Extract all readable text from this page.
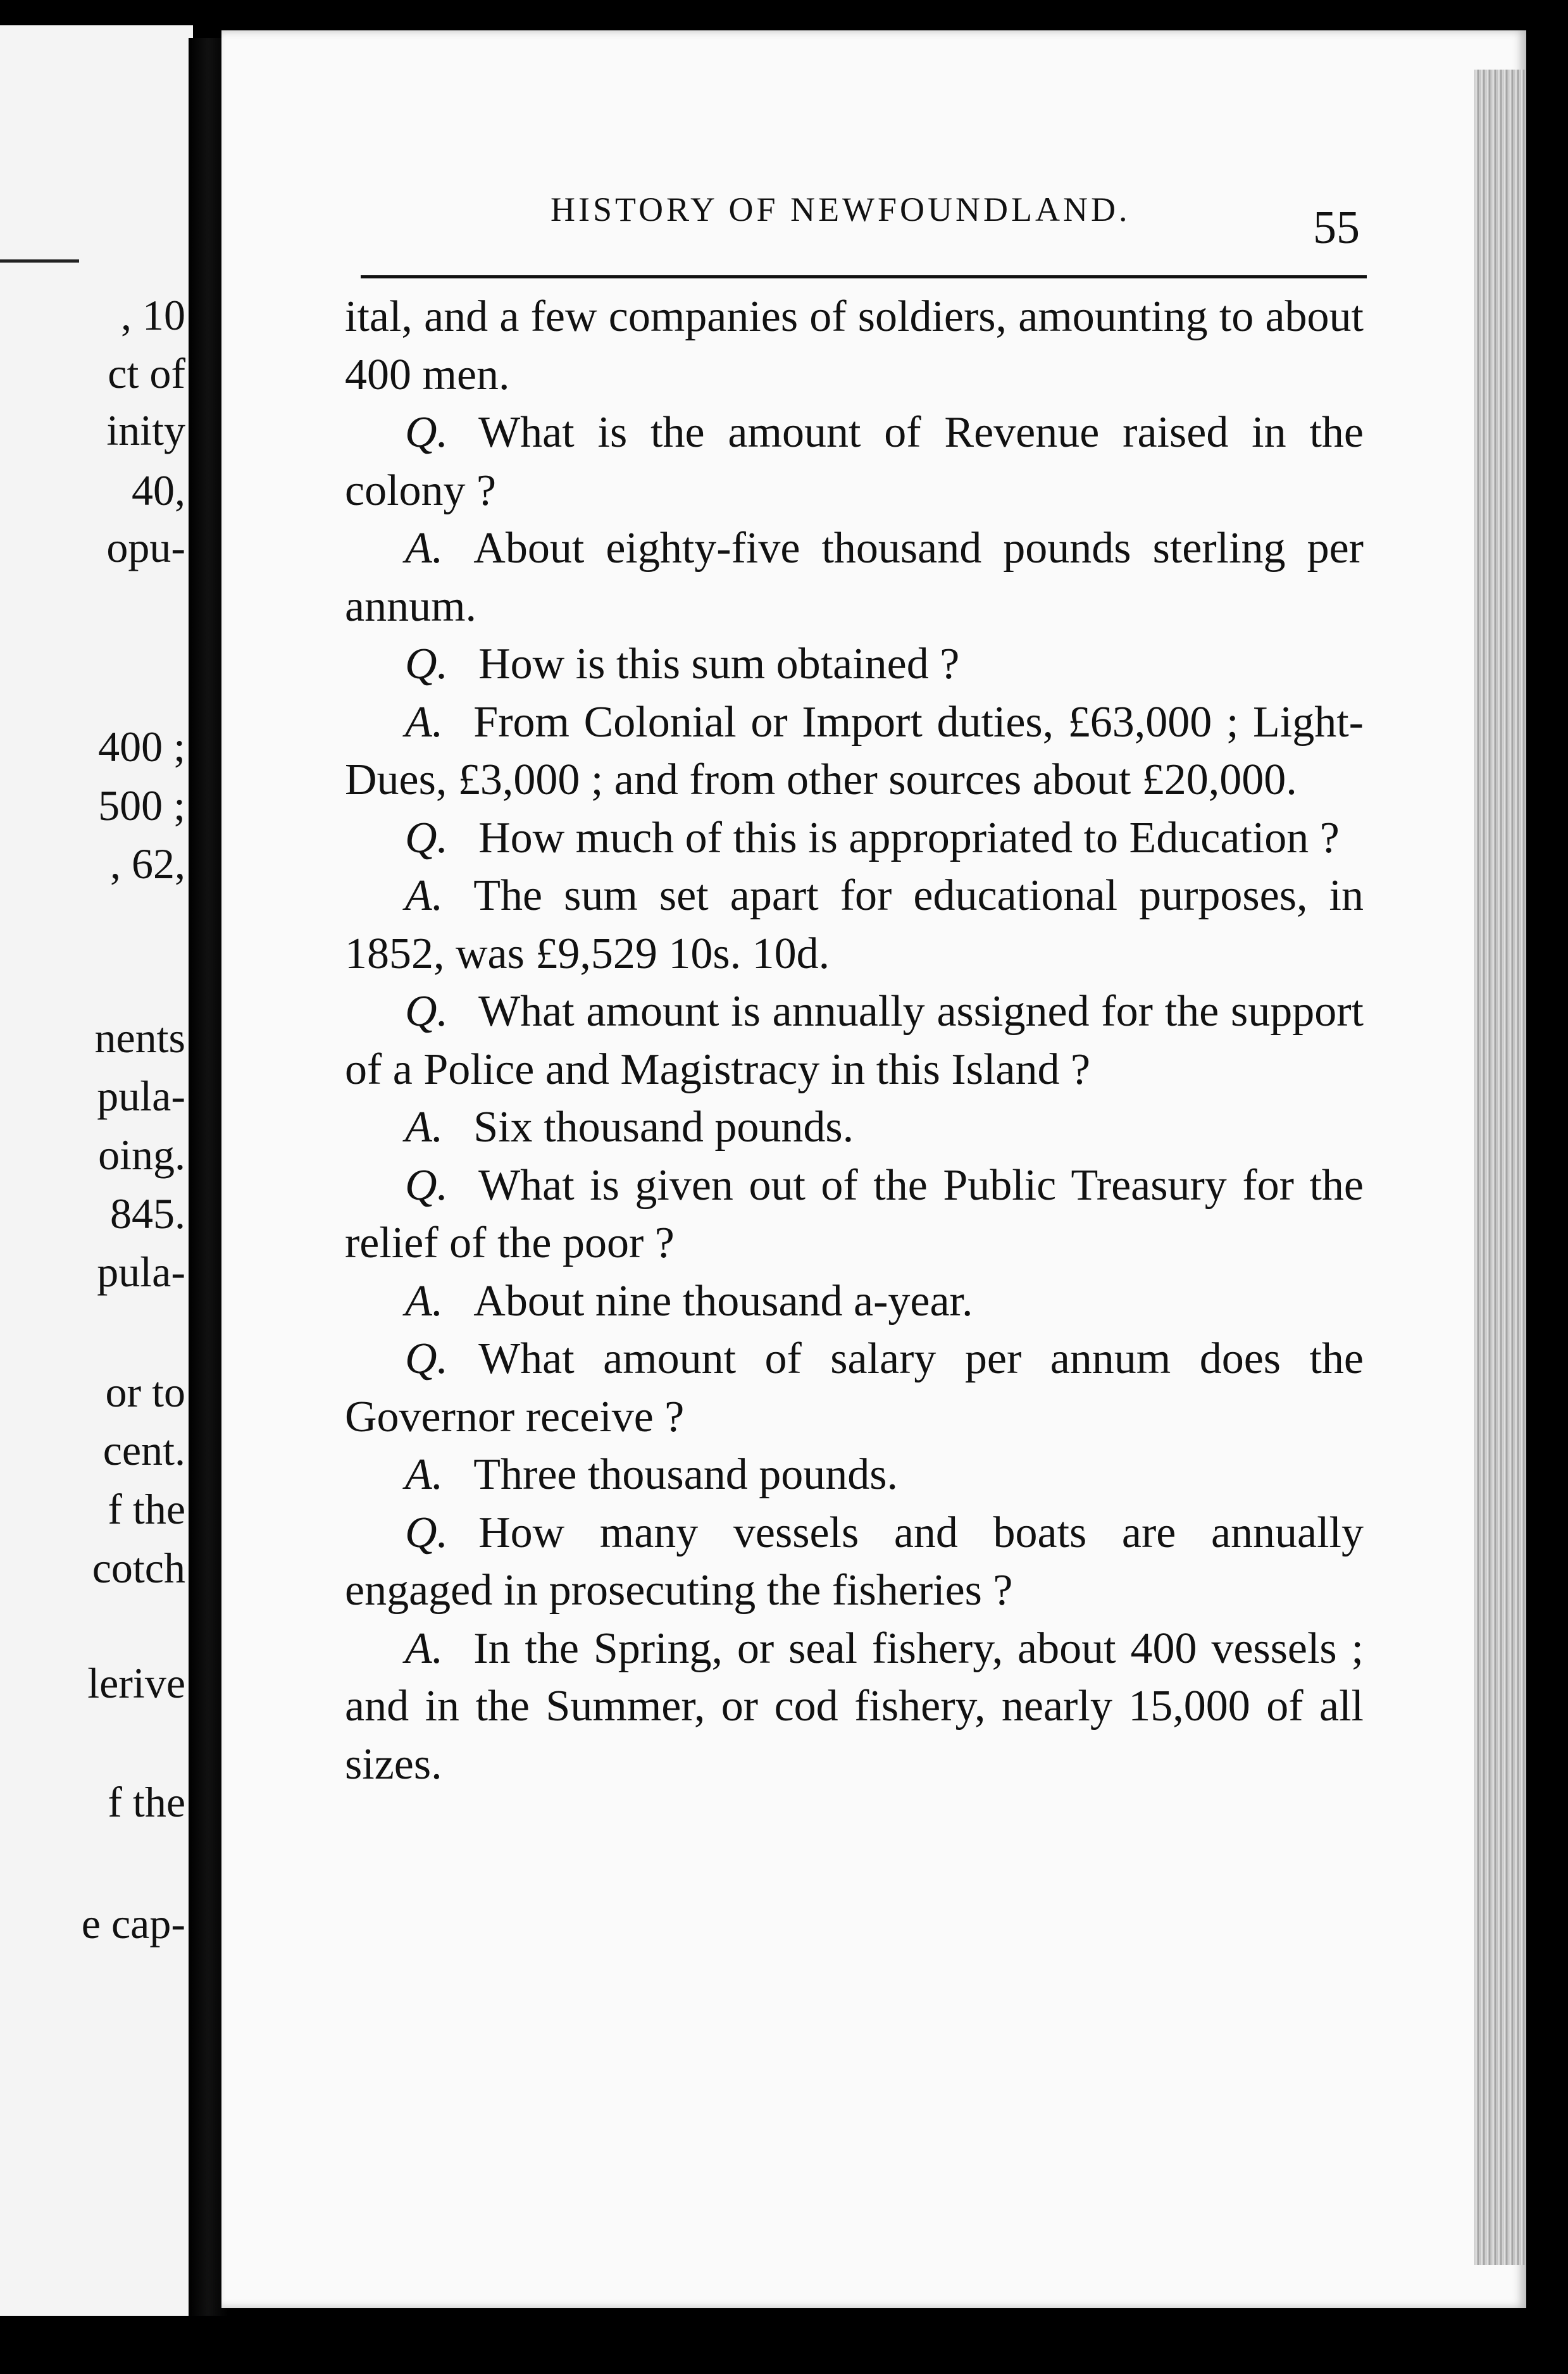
, 10

ct of

inity

40,

opu-

400 ;

500 ;

, 62,

nents

pula-

oing.

845.

pula-

or to

cent.

f the

cotch

lerive

f the

e cap-

HISTORY OF NEWFOUNDLAND.	55

ital, and a few companies of soldiers, amounting to about 400 men.

Q. What is the amount of Revenue raised in the colony ?

A. About eighty-five thousand pounds sterling per annum.

Q. How is this sum obtained ?

A. From Colonial or Import duties, £63,000 ; Light-Dues, £3,000 ; and from other sources about £20,000.

Q. How much of this is appropriated to Education ?

A. The sum set apart for educational purposes, in 1852, was £9,529 10s. 10d.

Q. What amount is annually assigned for the support of a Police and Magistracy in this Island ?

A. Six thousand pounds.

Q. What is given out of the Public Treasury for the relief of the poor ?

A. About nine thousand a-year.

Q. What amount of salary per annum does the Governor receive ?

A. Three thousand pounds.

Q. How many vessels and boats are annually engaged in prosecuting the fisheries ?

A. In the Spring, or seal fishery, about 400 vessels ; and in the Summer, or cod fishery, nearly 15,000 of all sizes.
